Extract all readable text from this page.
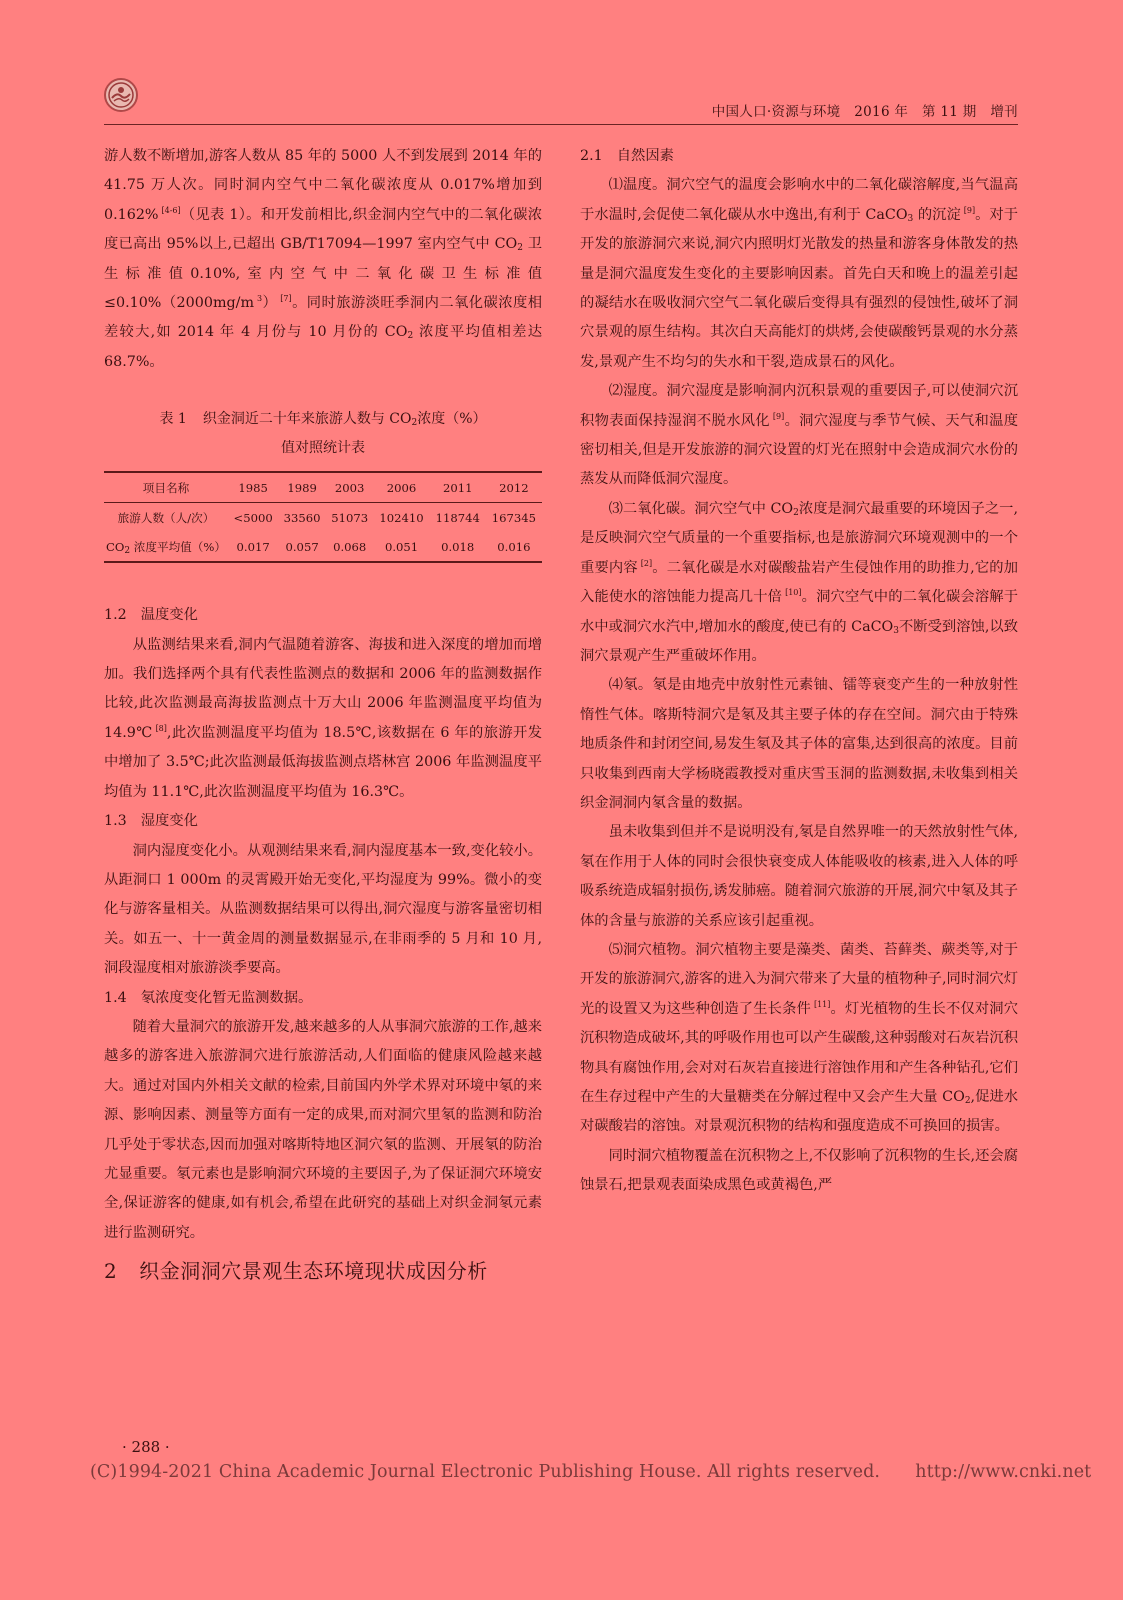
中国人口·资源与环境　2016 年　第 11 期　增刊

游人数不断增加,游客人数从 85 年的 5000 人不到发展到 2014 年的 41.75 万人次。同时洞内空气中二氧化碳浓度从 0.017%增加到 0.162% [4-6]（见表 1）。和开发前相比,织金洞内空气中的二氧化碳浓度已高出 95%以上,已超出 GB/T17094—1997 室内空气中 $CO_2$ 卫生标准值0.10%,室内空气中二氧化碳卫生标准值≤0.10%（2000mg/m $^3$） [7]。同时旅游淡旺季洞内二氧化碳浓度相差较大,如 2014 年 4 月份与 10 月份的 $CO_2$ 浓度平均值相差达 68.7%。

表 1 织金洞近二十年来旅游人数与 $CO_2$浓度（%）
值对照统计表
项目名称	1985	1989	2003	2006	2011	2012
旅游人数（人/次）	<5000	33560	51073	102410	118744	167345
$CO_2$ 浓度平均值（%）	0.017	0.057	0.068	0.051	0.018	0.016
1.2 温度变化

从监测结果来看,洞内气温随着游客、海拔和进入深度的增加而增加。我们选择两个具有代表性监测点的数据和 2006 年的监测数据作比较,此次监测最高海拔监测点十万大山 2006 年监测温度平均值为 14.9℃ [8],此次监测温度平均值为 18.5℃,该数据在 6 年的旅游开发中增加了 3.5℃;此次监测最低海拔监测点塔林宫 2006 年监测温度平均值为 11.1℃,此次监测温度平均值为 16.3℃。

1.3 湿度变化

洞内湿度变化小。从观测结果来看,洞内湿度基本一致,变化较小。从距洞口 1 000m 的灵霄殿开始无变化,平均湿度为 99%。微小的变化与游客量相关。从监测数据结果可以得出,洞穴湿度与游客量密切相关。如五一、十一黄金周的测量数据显示,在非雨季的 5 月和 10 月,洞段湿度相对旅游淡季要高。

1.4 氡浓度变化暂无监测数据。

随着大量洞穴的旅游开发,越来越多的人从事洞穴旅游的工作,越来越多的游客进入旅游洞穴进行旅游活动,人们面临的健康风险越来越大。通过对国内外相关文献的检索,目前国内外学术界对环境中氡的来源、影响因素、测量等方面有一定的成果,而对洞穴里氡的监测和防治几乎处于零状态,因而加强对喀斯特地区洞穴氡的监测、开展氡的防治尤显重要。氡元素也是影响洞穴环境的主要因子,为了保证洞穴环境安全,保证游客的健康,如有机会,希望在此研究的基础上对织金洞氡元素进行监测研究。

2 织金洞洞穴景观生态环境现状成因分析
2.1 自然因素

⑴温度。洞穴空气的温度会影响水中的二氧化碳溶解度,当气温高于水温时,会促使二氧化碳从水中逸出,有利于 CaCO$_3$ 的沉淀 [9]。对于开发的旅游洞穴来说,洞穴内照明灯光散发的热量和游客身体散发的热量是洞穴温度发生变化的主要影响因素。首先白天和晚上的温差引起的凝结水在吸收洞穴空气二氧化碳后变得具有强烈的侵蚀性,破坏了洞穴景观的原生结构。其次白天高能灯的烘烤,会使碳酸钙景观的水分蒸发,景观产生不均匀的失水和干裂,造成景石的风化。

⑵湿度。洞穴湿度是影响洞内沉积景观的重要因子,可以使洞穴沉积物表面保持湿润不脱水风化 [9]。洞穴湿度与季节气候、天气和温度密切相关,但是开发旅游的洞穴设置的灯光在照射中会造成洞穴水份的蒸发从而降低洞穴湿度。

⑶二氧化碳。洞穴空气中 $CO_2$浓度是洞穴最重要的环境因子之一,是反映洞穴空气质量的一个重要指标,也是旅游洞穴环境观测中的一个重要内容 [2]。二氧化碳是水对碳酸盐岩产生侵蚀作用的助推力,它的加入能使水的溶蚀能力提高几十倍 [10]。洞穴空气中的二氧化碳会溶解于水中或洞穴水汽中,增加水的酸度,使已有的 CaCO$_3$不断受到溶蚀,以致洞穴景观产生严重破坏作用。

⑷氡。氡是由地壳中放射性元素铀、镭等衰变产生的一种放射性惰性气体。喀斯特洞穴是氡及其主要子体的存在空间。洞穴由于特殊地质条件和封闭空间,易发生氡及其子体的富集,达到很高的浓度。目前只收集到西南大学杨晓霞教授对重庆雪玉洞的监测数据,未收集到相关织金洞洞内氡含量的数据。

虽未收集到但并不是说明没有,氡是自然界唯一的天然放射性气体,氡在作用于人体的同时会很快衰变成人体能吸收的核素,进入人体的呼吸系统造成辐射损伤,诱发肺癌。随着洞穴旅游的开展,洞穴中氡及其子体的含量与旅游的关系应该引起重视。

⑸洞穴植物。洞穴植物主要是藻类、菌类、苔藓类、蕨类等,对于开发的旅游洞穴,游客的进入为洞穴带来了大量的植物种子,同时洞穴灯光的设置又为这些种创造了生长条件 [11]。灯光植物的生长不仅对洞穴沉积物造成破坏,其的呼吸作用也可以产生碳酸,这种弱酸对石灰岩沉积物具有腐蚀作用,会对对石灰岩直接进行溶蚀作用和产生各种钻孔,它们在生存过程中产生的大量糖类在分解过程中又会产生大量 $CO_2$,促进水对碳酸岩的溶蚀。对景观沉积物的结构和强度造成不可换回的损害。

同时洞穴植物覆盖在沉积物之上,不仅影响了沉积物的生长,还会腐蚀景石,把景观表面染成黑色或黄褐色,严

· 288 ·
(C)1994-2021 China Academic Journal Electronic Publishing House. All rights reserved.　　http://www.cnki.net
